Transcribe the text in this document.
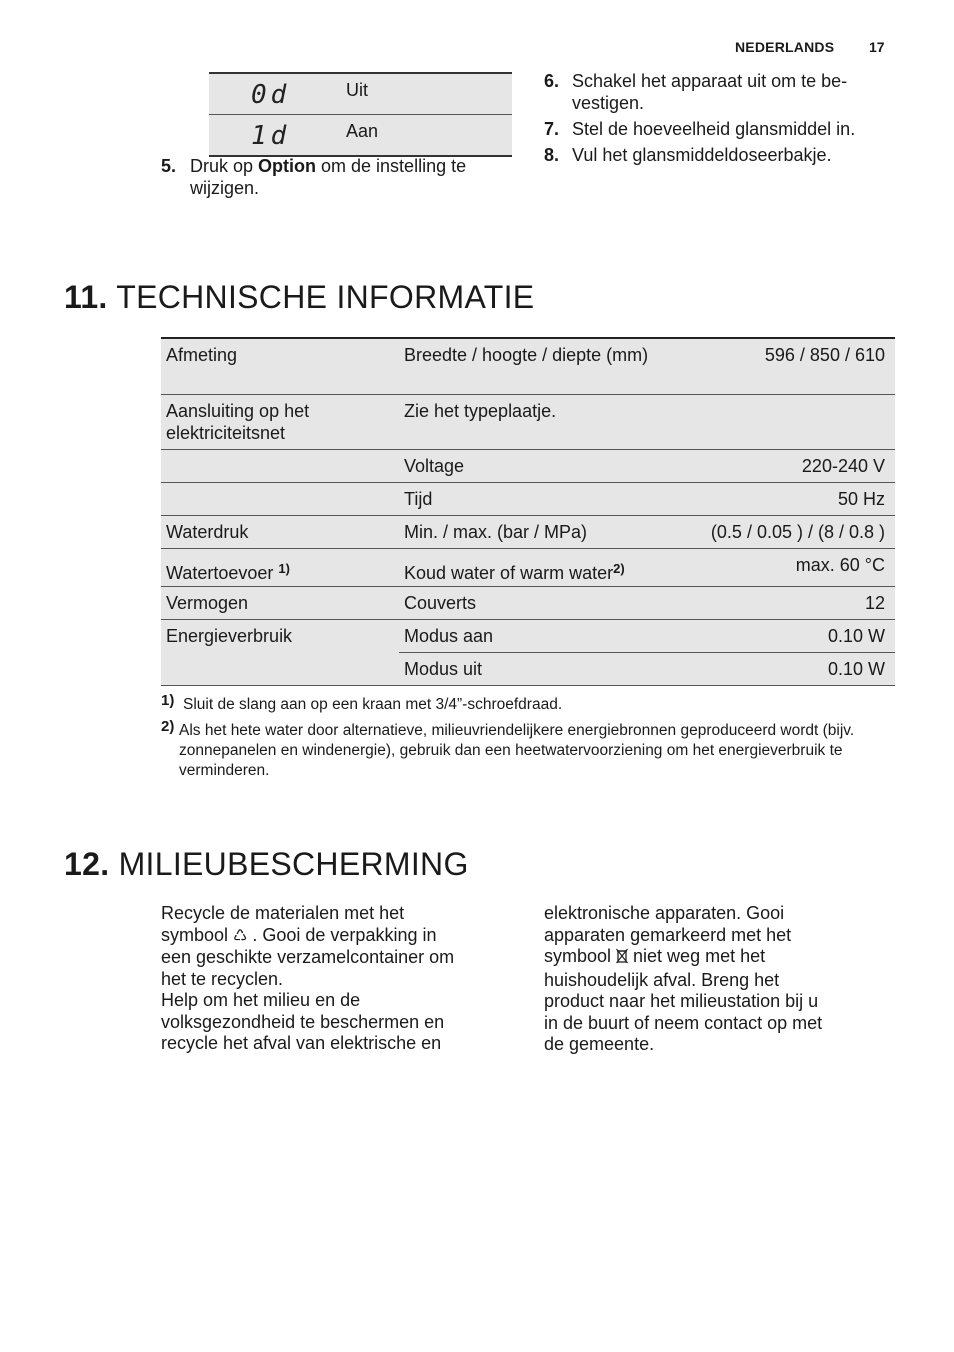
NEDERLANDS 17
0d	Uit
1d	Aan
5. Druk op Option om de instelling te
wijzigen.
6. Schakel het apparaat uit om te be-
vestigen.
7. Stel de hoeveelheid glansmiddel in.
8. Vul het glansmiddeldoseerbakje.
11. TECHNISCHE INFORMATIE
Afmeting	Breedte / hoogte / diepte (mm)	596 / 850 / 610
Aansluiting op het elektriciteitsnet	Zie het typeplaatje.	
	Voltage	220-240 V
	Tijd	50 Hz
Waterdruk	Min. / max. (bar / MPa)	(0.5 / 0.05 ) / (8 / 0.8 )
Watertoevoer $^{1)}$	Koud water of warm water$^{2)}$	max. 60 °C
Vermogen	Couverts	12
Energieverbruik	Modus aan	0.10 W
	Modus uit	0.10 W
1) Sluit de slang aan op een kraan met 3/4”-schroefdraad.
2) Als het hete water door alternatieve, milieuvriendelijkere energiebronnen geproduceerd wordt (bijv. zonnepanelen en windenergie), gebruik dan een heetwatervoorziening om het energieverbruik te verminderen.
12. MILIEUBESCHERMING
Recycle de materialen met het
symbool ♺ . Gooi de verpakking in
een geschikte verzamelcontainer om
het te recyclen.
Help om het milieu en de
volksgezondheid te beschermen en
recycle het afval van elektrische en
elektronische apparaten. Gooi
apparaten gemarkeerd met het
symbool  niet weg met het
huishoudelijk afval. Breng het
product naar het milieustation bij u
in de buurt of neem contact op met
de gemeente.
